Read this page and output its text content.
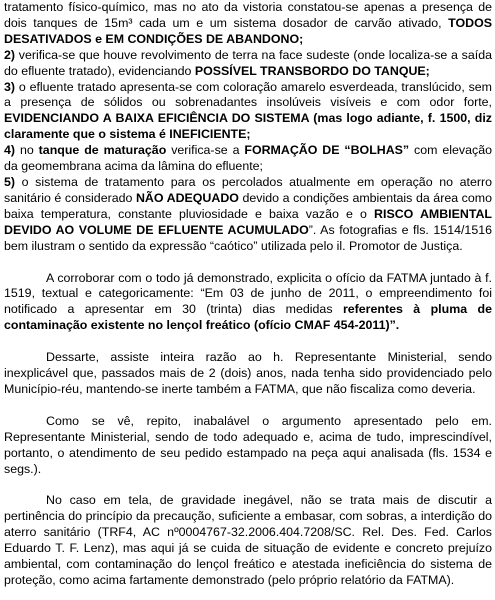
tratamento físico-químico, mas no ato da vistoria constatou-se apenas a presença de dois tanques de 15m³ cada um e um sistema dosador de carvão ativado, TODOS DESATIVADOS e EM CONDIÇÕES DE ABANDONO;

2) verifica-se que houve revolvimento de terra na face sudeste (onde localiza-se a saída do efluente tratado), evidenciando POSSÍVEL TRANSBORDO DO TANQUE;

3) o efluente tratado apresenta-se com coloração amarelo esverdeada, translúcido, sem a presença de sólidos ou sobrenadantes insolúveis visíveis e com odor forte, EVIDENCIANDO A BAIXA EFICIÊNCIA DO SISTEMA (mas logo adiante, f. 1500, diz claramente que o sistema é INEFICIENTE;

4) no tanque de maturação verifica-se a FORMAÇÃO DE “BOLHAS” com elevação da geomembrana acima da lâmina do efluente;

5) o sistema de tratamento para os percolados atualmente em operação no aterro sanitário é considerado NÃO ADEQUADO devido a condições ambientais da área como baixa temperatura, constante pluviosidade e baixa vazão e o RISCO AMBIENTAL DEVIDO AO VOLUME DE EFLUENTE ACUMULADO”. As fotografias e fls. 1514/1516 bem ilustram o sentido da expressão “caótico” utilizada pelo il. Promotor de Justiça.

A corroborar com o todo já demonstrado, explicita o ofício da FATMA juntado à f. 1519, textual e categoricamente: “Em 03 de junho de 2011, o empreendimento foi notificado a apresentar em 30 (trinta) dias medidas referentes à pluma de contaminação existente no lençol freático (ofício CMAF 454-2011)”.

Dessarte, assiste inteira razão ao h. Representante Ministerial, sendo inexplicável que, passados mais de 2 (dois) anos, nada tenha sido providenciado pelo Município-réu, mantendo-se inerte também a FATMA, que não fiscaliza como deveria.

Como se vê, repito, inabalável o argumento apresentado pelo em. Representante Ministerial, sendo de todo adequado e, acima de tudo, imprescindível, portanto, o atendimento de seu pedido estampado na peça aqui analisada (fls. 1534 e segs.).

No caso em tela, de gravidade inegável, não se trata mais de discutir a pertinência do princípio da precaução, suficiente a embasar, com sobras, a interdição do aterro sanitário (TRF4, AC nº0004767-32.2006.404.7208/SC. Rel. Des. Fed. Carlos Eduardo T. F. Lenz), mas aqui já se cuida de situação de evidente e concreto prejuízo ambiental, com contaminação do lençol freático e atestada ineficiência do sistema de proteção, como acima fartamente demonstrado (pelo próprio relatório da FATMA).
